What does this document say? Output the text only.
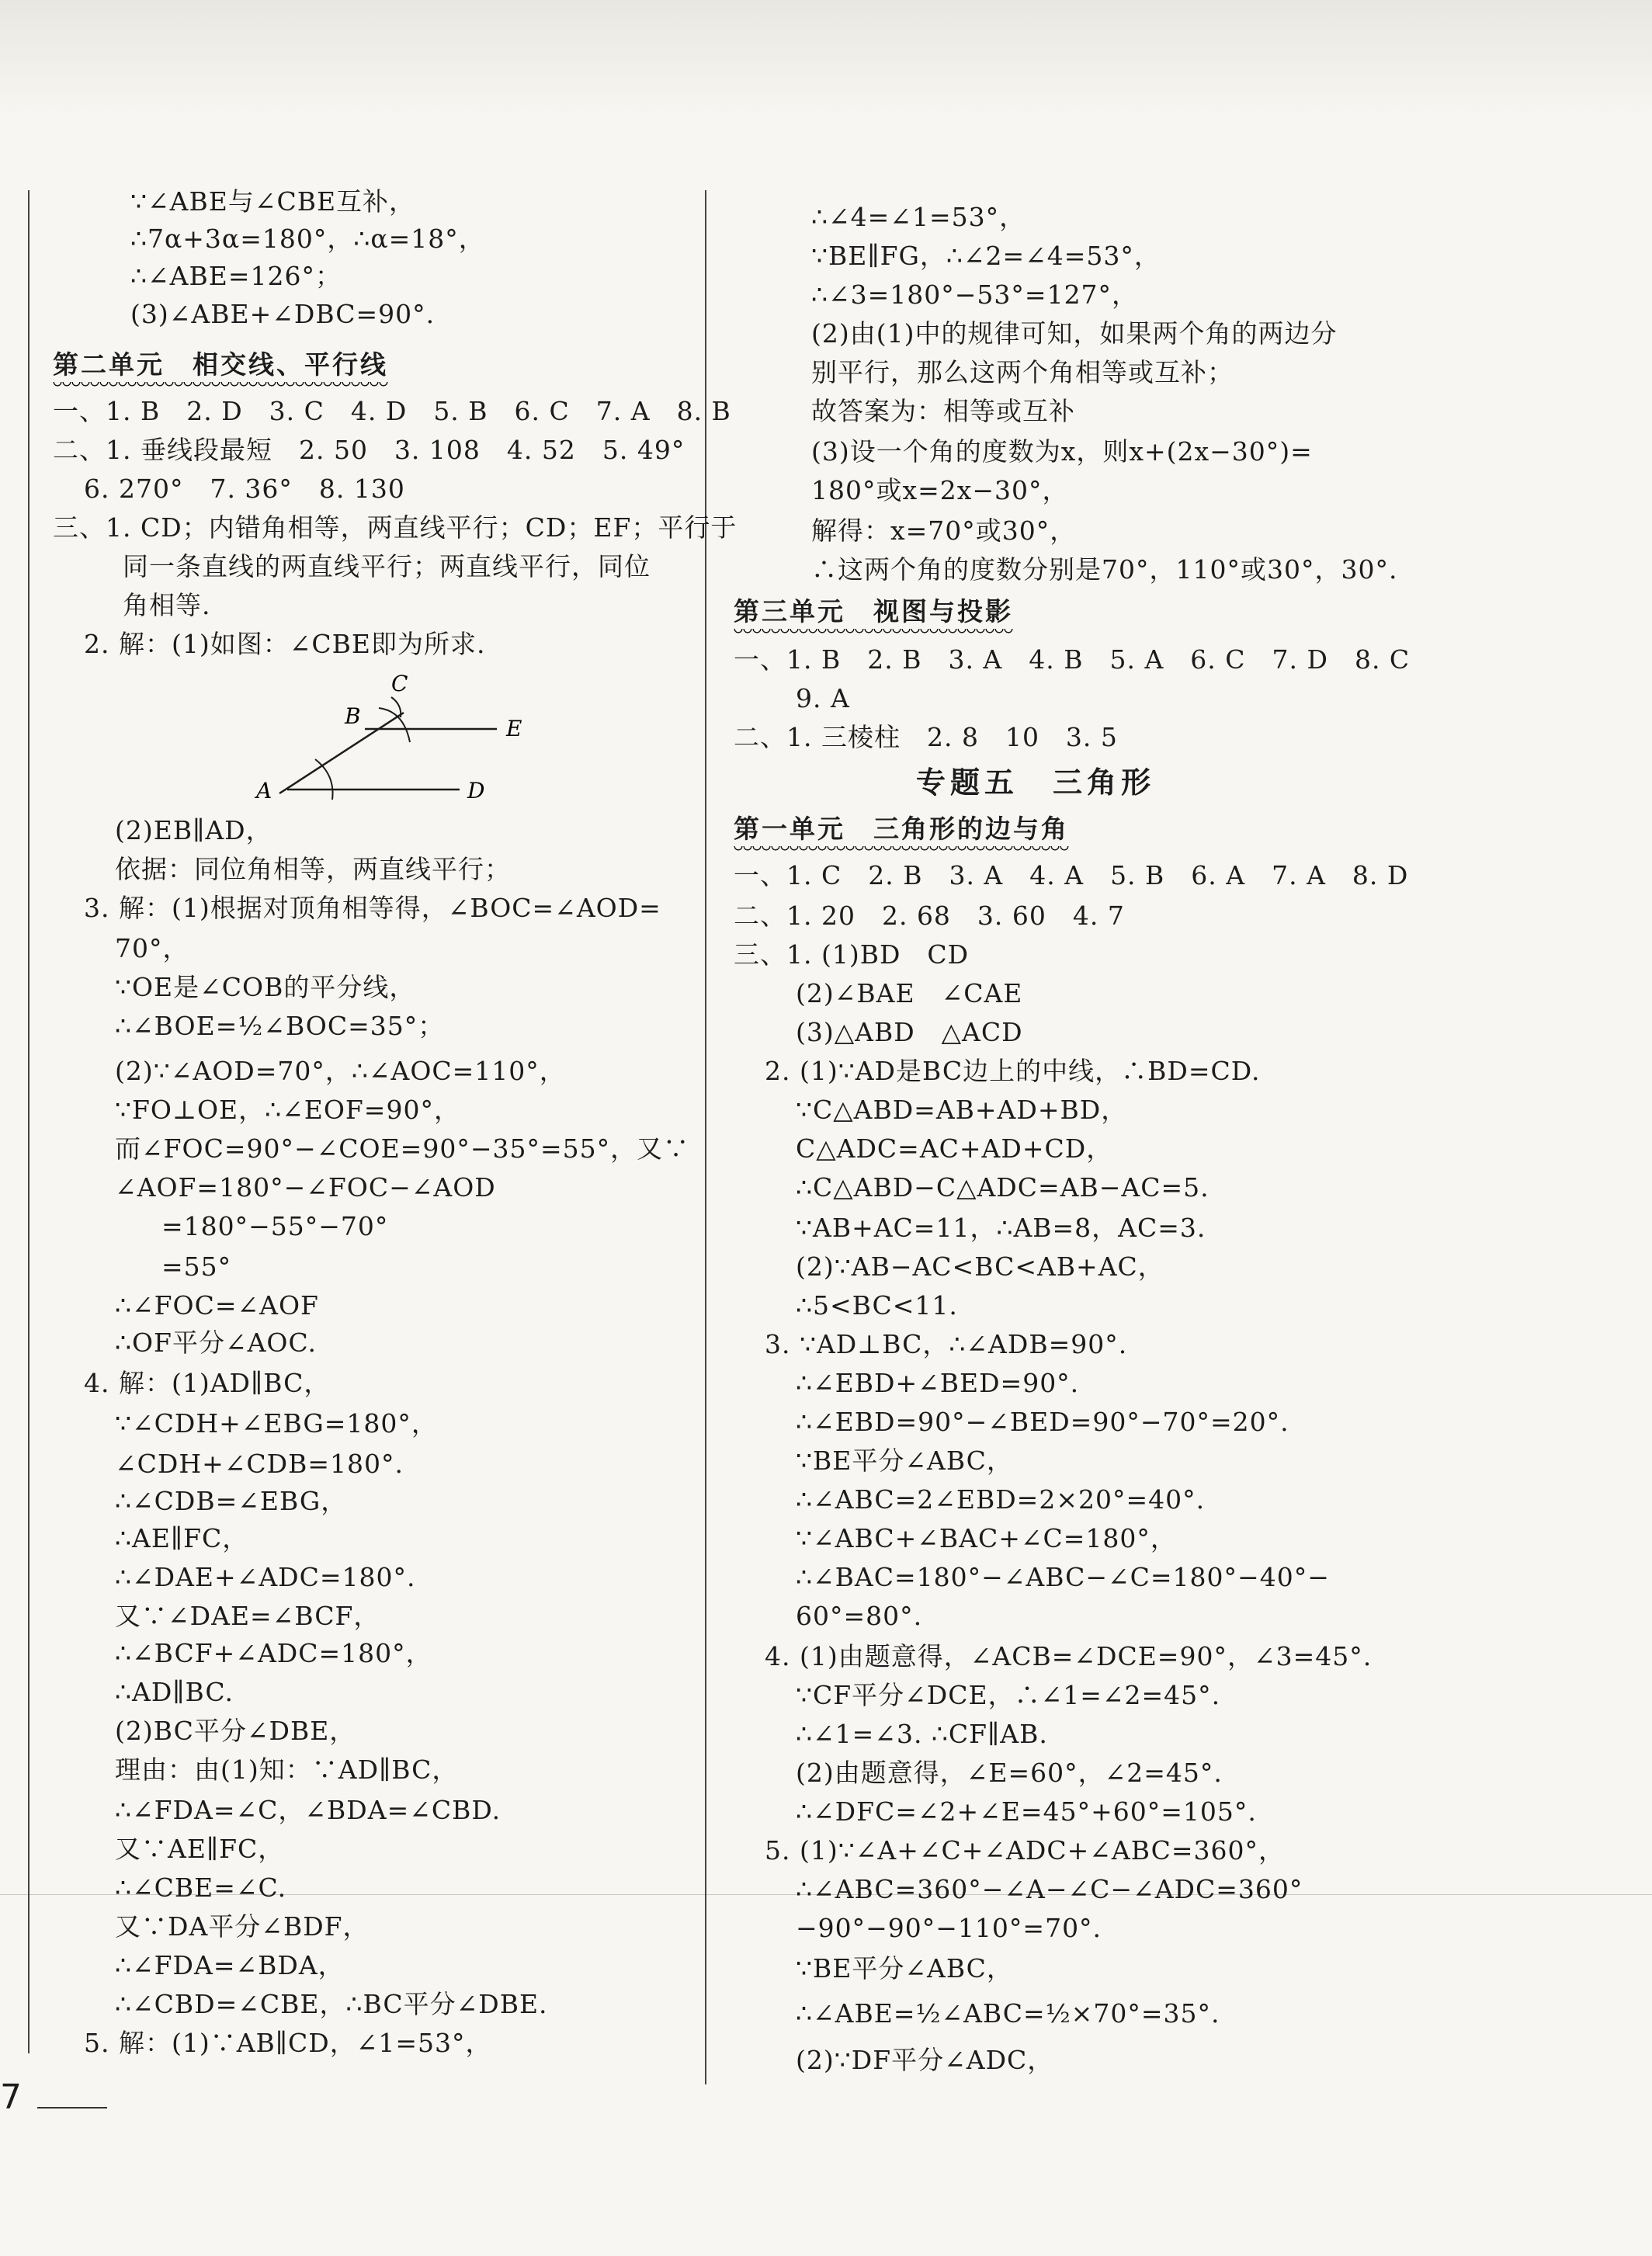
∵∠ABE与∠CBE互补，
∴7α+3α=180°，∴α=18°，
∴∠ABE=126°；
(3)∠ABE+∠DBC=90°.
第二单元　相交线、平行线
一、1. B　2. D　3. C　4. D　5. B　6. C　7. A　8. B
二、1. 垂线段最短　2. 50　3. 108　4. 52　5. 49°
6. 270°　7. 36°　8. 130
三、1. CD；内错角相等，两直线平行；CD；EF；平行于
同一条直线的两直线平行；两直线平行，同位
角相等.
2. 解：(1)如图：∠CBE即为所求.
(2)EB∥AD，
依据：同位角相等，两直线平行；
3. 解：(1)根据对顶角相等得，∠BOC=∠AOD=
70°，
∵OE是∠COB的平分线，
∴∠BOE=½∠BOC=35°；
(2)∵∠AOD=70°，∴∠AOC=110°，
∵FO⊥OE，∴∠EOF=90°，
而∠FOC=90°−∠COE=90°−35°=55°，又∵
∠AOF=180°−∠FOC−∠AOD
=180°−55°−70°
=55°
∴∠FOC=∠AOF
∴OF平分∠AOC.
4. 解：(1)AD∥BC，
∵∠CDH+∠EBG=180°，
∠CDH+∠CDB=180°.
∴∠CDB=∠EBG，
∴AE∥FC，
∴∠DAE+∠ADC=180°.
又∵∠DAE=∠BCF，
∴∠BCF+∠ADC=180°，
∴AD∥BC.
(2)BC平分∠DBE，
理由：由(1)知：∵AD∥BC，
∴∠FDA=∠C，∠BDA=∠CBD.
又∵AE∥FC，
∴∠CBE=∠C.
又∵DA平分∠BDF，
∴∠FDA=∠BDA，
∴∠CBD=∠CBE，∴BC平分∠DBE.
5. 解：(1)∵AB∥CD，∠1=53°，
∴∠4=∠1=53°，
∵BE∥FG，∴∠2=∠4=53°，
∴∠3=180°−53°=127°，
(2)由(1)中的规律可知，如果两个角的两边分
别平行，那么这两个角相等或互补；
故答案为：相等或互补
(3)设一个角的度数为x，则x+(2x−30°)=
180°或x=2x−30°，
解得：x=70°或30°，
∴这两个角的度数分别是70°，110°或30°，30°.
第三单元　视图与投影
一、1. B　2. B　3. A　4. B　5. A　6. C　7. D　8. C
9. A
二、1. 三棱柱　2. 8　10　3. 5
专题五　三角形
第一单元　三角形的边与角
一、1. C　2. B　3. A　4. A　5. B　6. A　7. A　8. D
二、1. 20　2. 68　3. 60　4. 7
三、1. (1)BD　CD
(2)∠BAE　∠CAE
(3)△ABD　△ACD
2. (1)∵AD是BC边上的中线，∴BD=CD.
∵C△ABD=AB+AD+BD，
C△ADC=AC+AD+CD，
∴C△ABD−C△ADC=AB−AC=5.
∵AB+AC=11，∴AB=8，AC=3.
(2)∵AB−AC<BC<AB+AC，
∴5<BC<11.
3. ∵AD⊥BC，∴∠ADB=90°.
∴∠EBD+∠BED=90°.
∴∠EBD=90°−∠BED=90°−70°=20°.
∵BE平分∠ABC，
∴∠ABC=2∠EBD=2×20°=40°.
∵∠ABC+∠BAC+∠C=180°，
∴∠BAC=180°−∠ABC−∠C=180°−40°−
60°=80°.
4. (1)由题意得，∠ACB=∠DCE=90°，∠3=45°.
∵CF平分∠DCE，∴∠1=∠2=45°.
∴∠1=∠3. ∴CF∥AB.
(2)由题意得，∠E=60°，∠2=45°.
∴∠DFC=∠2+∠E=45°+60°=105°.
5. (1)∵∠A+∠C+∠ADC+∠ABC=360°，
∴∠ABC=360°−∠A−∠C−∠ADC=360°
−90°−90°−110°=70°.
∵BE平分∠ABC，
∴∠ABE=½∠ABC=½×70°=35°.
(2)∵DF平分∠ADC，
C
B	E
A	D
7
